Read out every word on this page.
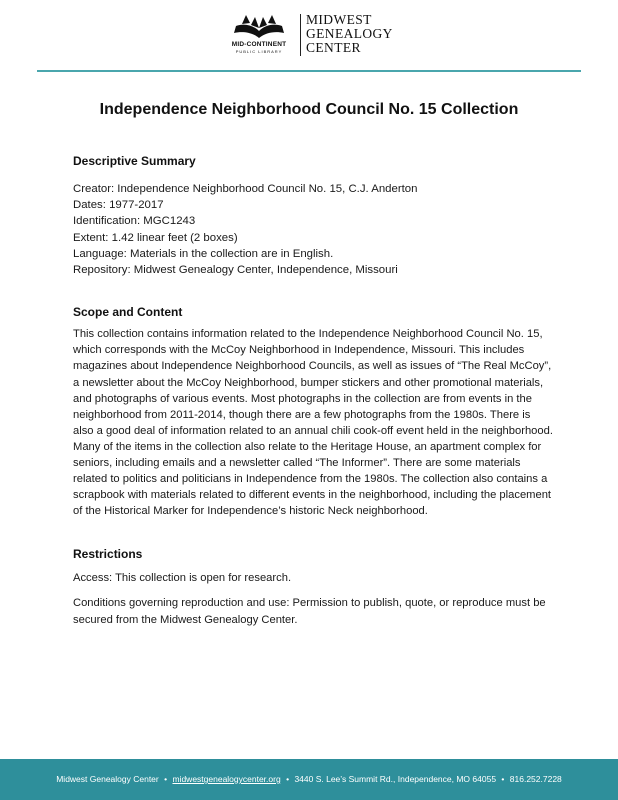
MID-CONTINENT
PUBLIC LIBRARY
MIDWEST
GENEALOGY
CENTER
Independence Neighborhood Council No. 15 Collection

Descriptive Summary

Creator: Independence Neighborhood Council No. 15, C.J. Anderton

Dates: 1977-2017

Identification: MGC1243

Extent: 1.42 linear feet (2 boxes)

Language: Materials in the collection are in English.

Repository: Midwest Genealogy Center, Independence, Missouri

Scope and Content

This collection contains information related to the Independence Neighborhood Council No. 15, which corresponds with the McCoy Neighborhood in Independence, Missouri. This includes magazines about Independence Neighborhood Councils, as well as issues of “The Real McCoy”, a newsletter about the McCoy Neighborhood, bumper stickers and other promotional materials, and photographs of various events. Most photographs in the collection are from events in the neighborhood from 2011-2014, though there are a few photographs from the 1980s. There is also a good deal of information related to an annual chili cook-off event held in the neighborhood. Many of the items in the collection also relate to the Heritage House, an apartment complex for seniors, including emails and a newsletter called “The Informer”. There are some materials related to politics and politicians in Independence from the 1980s. The collection also contains a scrapbook with materials related to different events in the neighborhood, including the placement of the Historical Marker for Independence’s historic Neck neighborhood.

Restrictions

Access: This collection is open for research.

Conditions governing reproduction and use: Permission to publish, quote, or reproduce must be secured from the Midwest Genealogy Center.

Midwest Genealogy Center • midwestgenealogycenter.org • 3440 S. Lee’s Summit Rd., Independence, MO 64055 • 816.252.7228
